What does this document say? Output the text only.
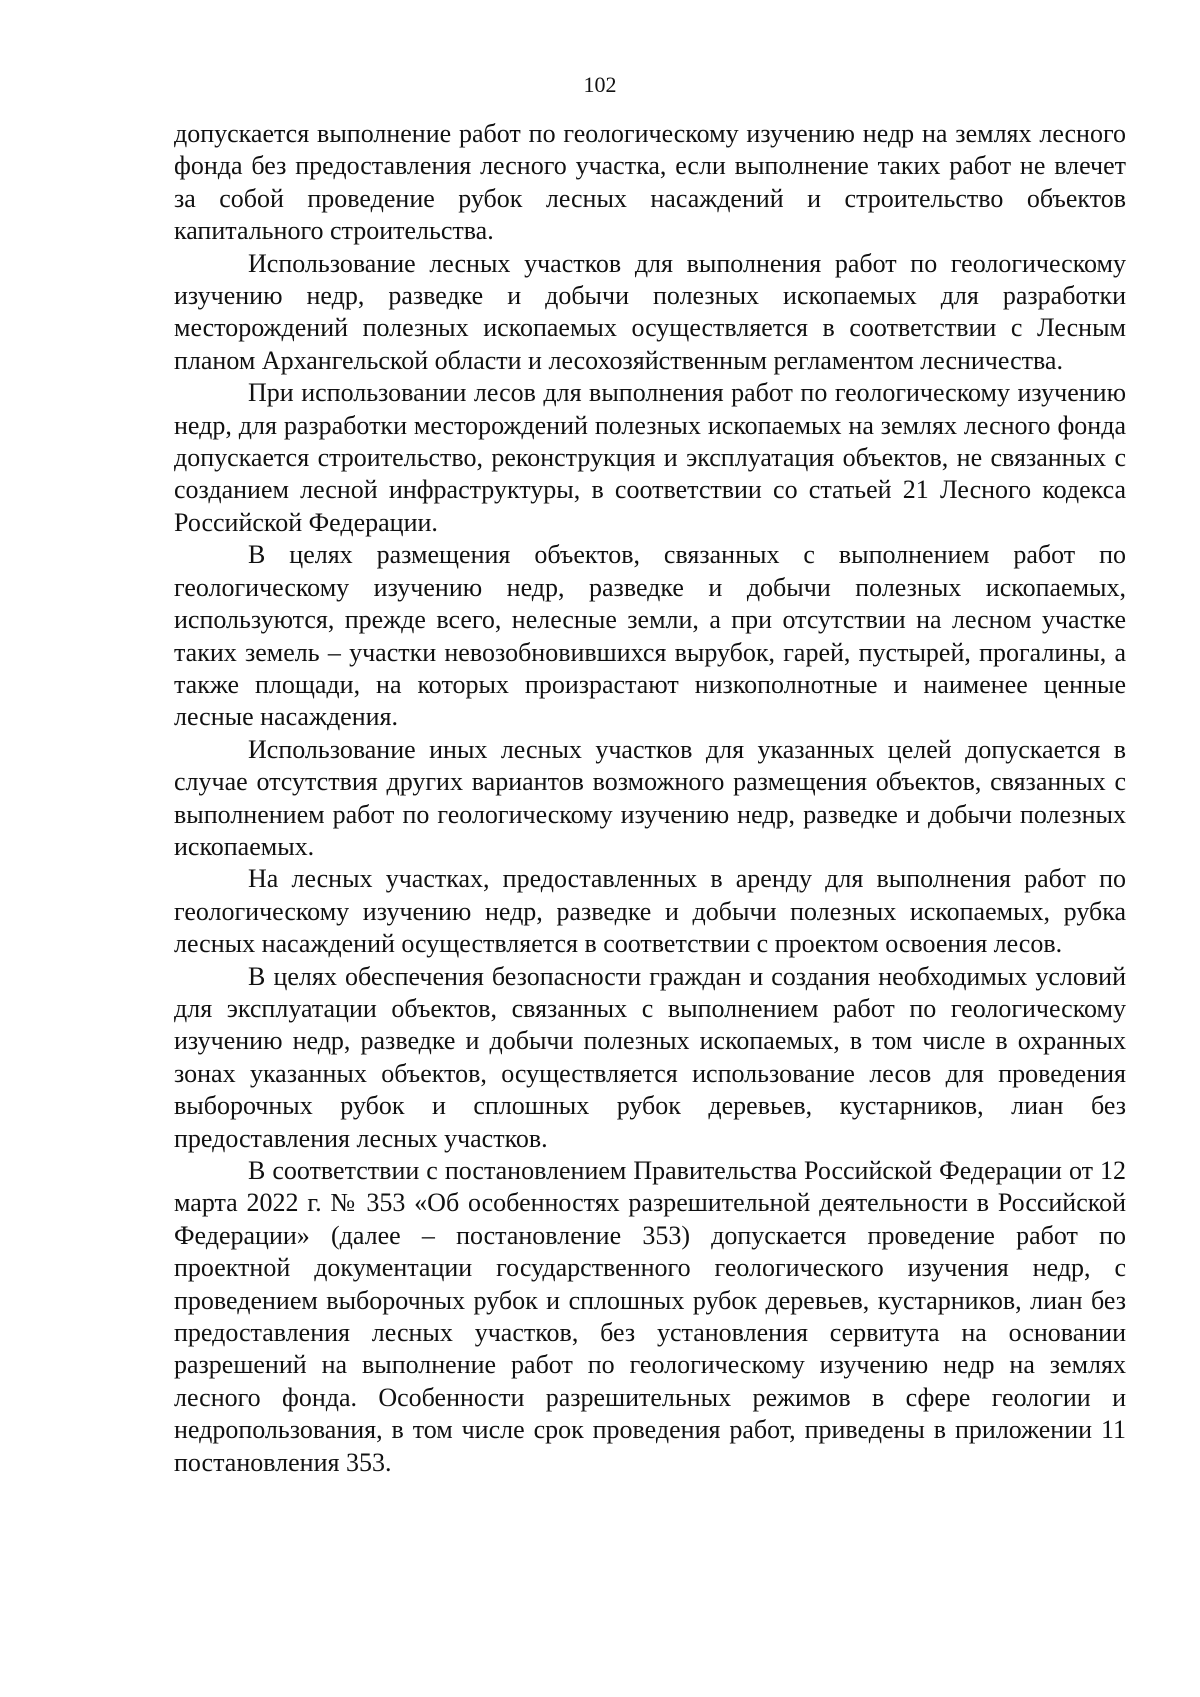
102

допускается выполнение работ по геологическому изучению недр на землях лесного фонда без предоставления лесного участка, если выполнение таких работ не влечет за собой проведение рубок лесных насаждений и строительство объектов капитального строительства.

Использование лесных участков для выполнения работ по геологическому изучению недр, разведке и добычи полезных ископаемых для разработки месторождений полезных ископаемых осуществляется в соответствии с Лесным планом Архангельской области и лесохозяйственным регламентом лесничества.

При использовании лесов для выполнения работ по геологическому изучению недр, для разработки месторождений полезных ископаемых на землях лесного фонда допускается строительство, реконструкция и эксплуатация объектов, не связанных с созданием лесной инфраструктуры, в соответствии со статьей 21 Лесного кодекса Российской Федерации.

В целях размещения объектов, связанных с выполнением работ по геологическому изучению недр, разведке и добычи полезных ископаемых, используются, прежде всего, нелесные земли, а при отсутствии на лесном участке таких земель – участки невозобновившихся вырубок, гарей, пустырей, прогалины, а также площади, на которых произрастают низкополнотные и наименее ценные лесные насаждения.

Использование иных лесных участков для указанных целей допускается в случае отсутствия других вариантов возможного размещения объектов, связанных с выполнением работ по геологическому изучению недр, разведке и добычи полезных ископаемых.

На лесных участках, предоставленных в аренду для выполнения работ по геологическому изучению недр, разведке и добычи полезных ископаемых, рубка лесных насаждений осуществляется в соответствии с проектом освоения лесов.

В целях обеспечения безопасности граждан и создания необходимых условий для эксплуатации объектов, связанных с выполнением работ по геологическому изучению недр, разведке и добычи полезных ископаемых, в том числе в охранных зонах указанных объектов, осуществляется использование лесов для проведения выборочных рубок и сплошных рубок деревьев, кустарников, лиан без предоставления лесных участков.

В соответствии с постановлением Правительства Российской Федерации от 12 марта 2022 г. № 353 «Об особенностях разрешительной деятельности в Российской Федерации» (далее – постановление 353) допускается проведение работ по проектной документации государственного геологического изучения недр, с проведением выборочных рубок и сплошных рубок деревьев, кустарников, лиан без предоставления лесных участков, без установления сервитута на основании разрешений на выполнение работ по геологическому изучению недр на землях лесного фонда. Особенности разрешительных режимов в сфере геологии и недропользования, в том числе срок проведения работ, приведены в приложении 11 постановления 353.
